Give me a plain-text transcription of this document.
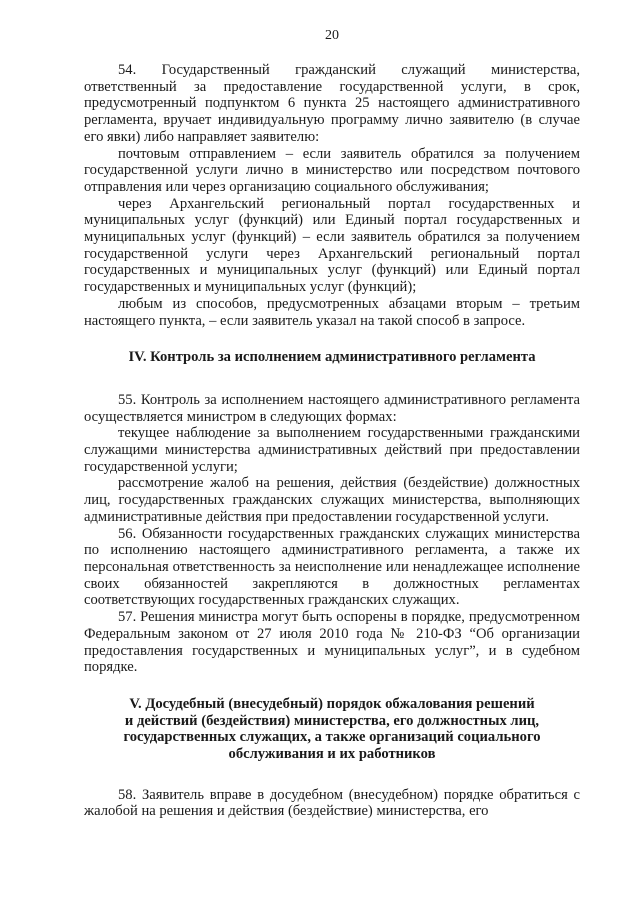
20

54. Государственный гражданский служащий министерства, ответственный за предоставление государственной услуги, в срок, предусмотренный подпунктом 6 пункта 25 настоящего административного регламента, вручает индивидуальную программу лично заявителю (в случае его явки) либо направляет заявителю:

почтовым отправлением – если заявитель обратился за получением государственной услуги лично в министерство или посредством почтового отправления или через организацию социального обслуживания;

через Архангельский региональный портал государственных и муниципальных услуг (функций) или Единый портал государственных и муниципальных услуг (функций) – если заявитель обратился за получением государственной услуги через Архангельский региональный портал государственных и муниципальных услуг (функций) или Единый портал государственных и муниципальных услуг (функций);

любым из способов, предусмотренных абзацами вторым – третьим настоящего пункта, – если заявитель указал на такой способ в запросе.

IV. Контроль за исполнением административного регламента

55. Контроль за исполнением настоящего административного регламента осуществляется министром в следующих формах:

текущее наблюдение за выполнением государственными гражданскими служащими министерства административных действий при предоставлении государственной услуги;

рассмотрение жалоб на решения, действия (бездействие) должностных лиц, государственных гражданских служащих министерства, выполняющих административные действия при предоставлении государственной услуги.

56. Обязанности государственных гражданских служащих министерства по исполнению настоящего административного регламента, а также их персональная ответственность за неисполнение или ненадлежащее исполнение своих обязанностей закрепляются в должностных регламентах соответствующих государственных гражданских служащих.

57. Решения министра могут быть оспорены в порядке, предусмотренном Федеральным законом от 27 июля 2010 года № 210-ФЗ “Об организации предоставления государственных и муниципальных услуг”, и в судебном порядке.

V. Досудебный (внесудебный) порядок обжалования решений
и действий (бездействия) министерства, его должностных лиц,
государственных служащих, а также организаций социального
обслуживания и их работников

58. Заявитель вправе в досудебном (внесудебном) порядке обратиться с жалобой на решения и действия (бездействие) министерства, его
